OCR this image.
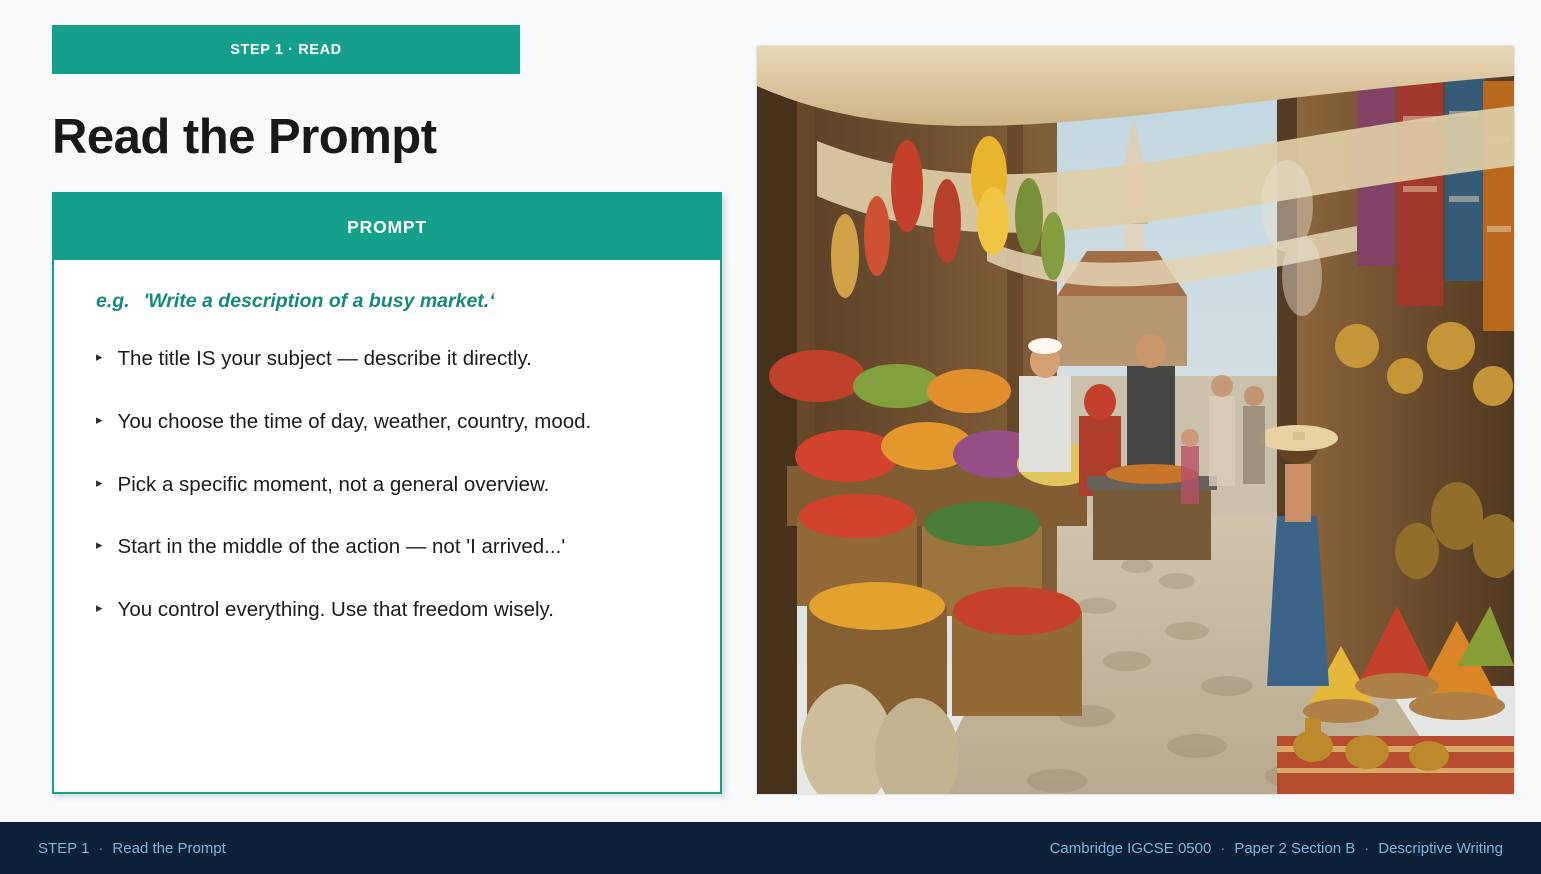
STEP 1 · READ
Read the Prompt
PROMPT
e.g. 'Write a description of a busy market.‘
▸ The title IS your subject — describe it directly.
▸ You choose the time of day, weather, country, mood.
▸ Pick a specific moment, not a general overview.
▸ Start in the middle of the action — not 'I arrived...'
▸ You control everything. Use that freedom wisely.
STEP 1 · Read the Prompt	Cambridge IGCSE 0500 · Paper 2 Section B · Descriptive Writing
